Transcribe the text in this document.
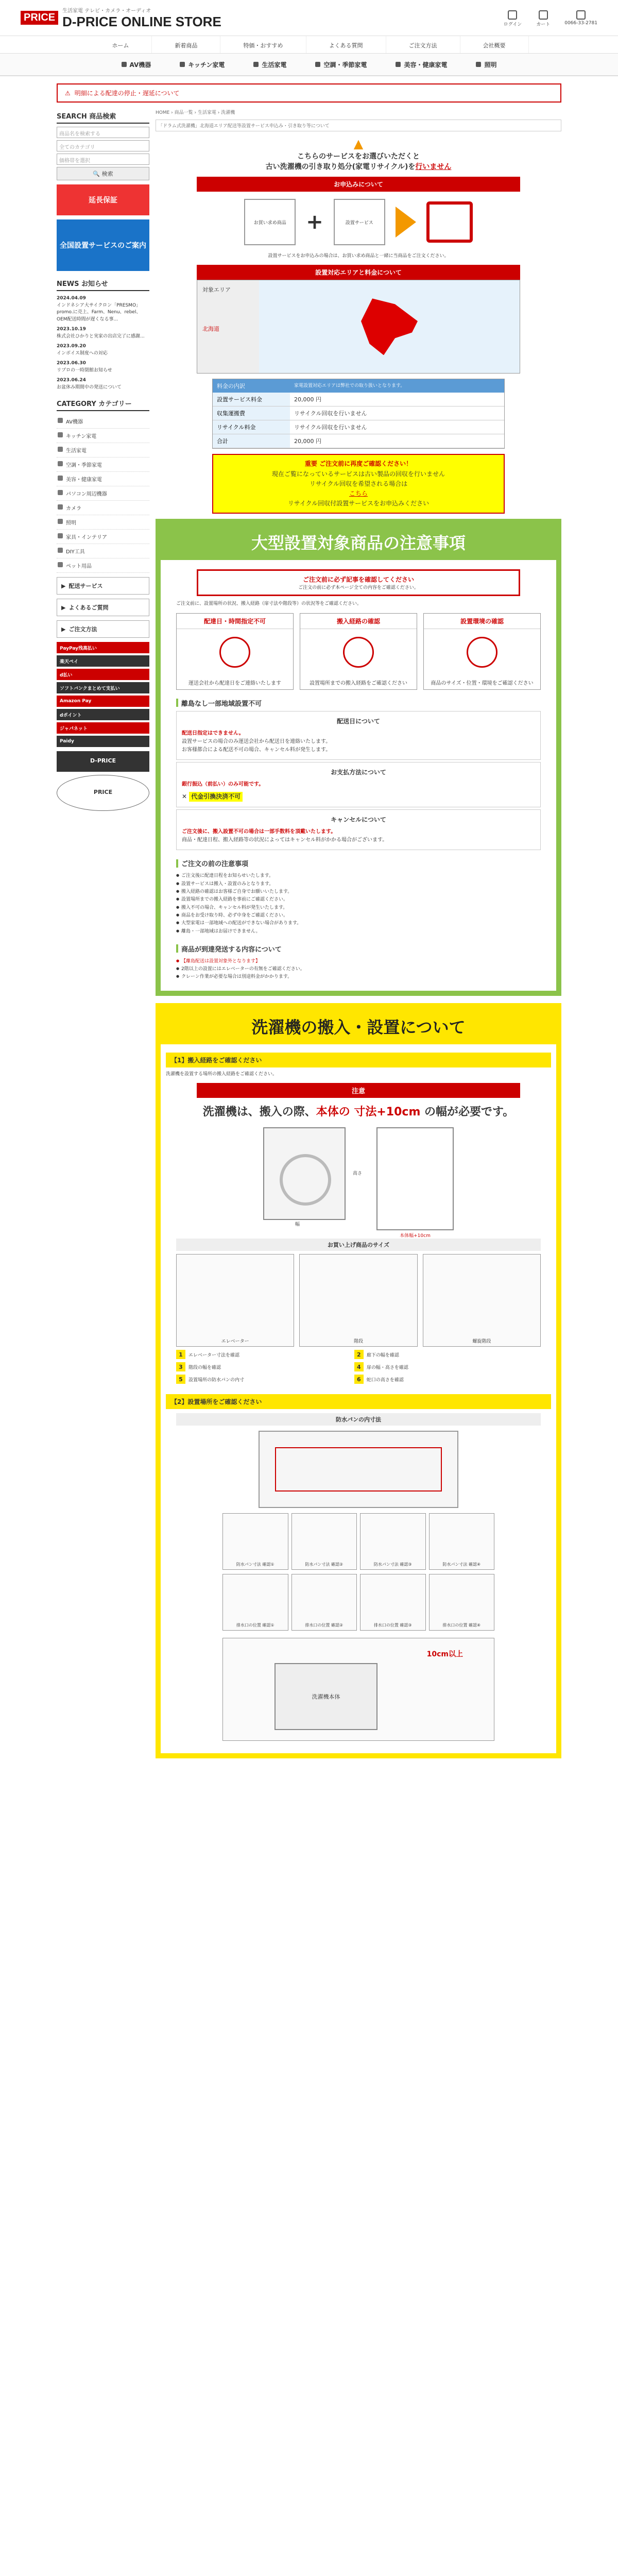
PRICE
生活家電 テレビ・カメラ・オーディオ
D-PRICE ONLINE STORE	ログイン	カート	0066-33-2781
ホーム	新着商品	特価・おすすめ	よくある質問	ご注文方法	会社概要
AV機器	キッチン家電	生活家電	空調・季節家電	美容・健康家電	照明
⚠ 明細による配達の停止・遅延について
SEARCH 商品検索
商品名を検索する
全てのカテゴリ
価格帯を選択
🔍 検索
延長保証
全国設置サービスのご案内
NEWS お知らせ
2024.04.09
インドネシア大サイクロン「PRESMO」promo.に売上、Farm、Nenu、rebel、OEM配送時間が遅くなる事...
2023.10.19
株式会社ひかりと実家の出店完了に感謝...
2023.09.20
インボイス制度への対応
2023.06.30
リプロの一時閉館お知らせ
2023.06.24
お盆休み期間中の発送について
CATEGORY カテゴリー
AV機器
キッチン家電
生活家電
空調・季節家電
美容・健康家電
パソコン周辺機器
カメラ
照明
家具・インテリア
DIY工具
ペット用品
▶ 配送サービス
▶ よくあるご質問
▶ ご注文方法
PayPay残高払い
楽天ペイ
d払い
ソフトバンクまとめて支払い
Amazon Pay
dポイント
ジャパネット
Paidy
D-PRICE
PRICE
HOME › 商品一覧 › 生活家電 › 洗濯機
「ドラム式洗濯機」北海道エリア配送等設置サービス申込み・引き取り等について
▲
こちらのサービスをお選びいただくと
古い洗濯機の引き取り処分(家電リサイクル)を行いません
お申込みについて
お買い求め商品 +	設置サービス
設置サービスをお申込みの場合は、お買い求め商品と一緒に当商品をご注文ください。
設置対応エリアと料金について
対象エリア
北海道
料金の内訳	家電設置対応エリアは弊社での取り扱いとなります。
設置サービス料金	20,000 円
収集運搬費	リサイクル回収を行いません
リサイクル料金	リサイクル回収を行いません
合計	20,000 円
重要 ご注文前に再度ご確認ください！
現在ご覧になっているサービスは古い製品の回収を行いません
リサイクル回収を希望される場合は
こちら
リサイクル回収付設置サービスをお申込みください
大型設置対象商品の注意事項
ご注文前に必ず記事を確認してください
ご注文の前に必ず本ページ全ての内容をご確認ください。
ご注文前に、設置場所の状況、搬入経路（扉寸法や階段等）の状況等をご確認ください。
配達日・時間指定不可
運送会社から配達日をご連絡いたします
搬入経路の確認
設置場所までの搬入経路をご確認ください
設置環境の確認
商品のサイズ・位置・環境をご確認ください
離島なし一部地域設置不可
配送日について
配送日指定はできません。
設置サービスの場合のみ運送会社から配送日を連絡いたします。
お客様都合による配送不可の場合、キャンセル料が発生します。
お支払方法について
銀行振込（前払い）のみ可能です。
✕ 代金引換決済不可
キャンセルについて
ご注文後に、搬入設置不可の場合は一部手数料を頂戴いたします。
商品・配達日程、搬入経路等の状況によってはキャンセル料がかかる場合がございます。
ご注文の前の注意事項
● ご注文後に配達日程をお知らせいたします。
● 設置サービスは搬入・設置のみとなります。
● 搬入経路の確認はお客様ご自身でお願いいたします。
● 設置場所までの搬入経路を事前にご確認ください。
● 搬入不可の場合、キャンセル料が発生いたします。
● 商品をお受け取り時、必ず中身をご確認ください。
● 大型家電は一部地域への配送ができない場合があります。
● 離島・一部地域はお届けできません。
商品が到達発送する内容について
● 【離島配送は設置対象外となります】
● 2階以上の設置にはエレベーターの有無をご確認ください。
● クレーン作業が必要な場合は別途料金がかかります。
洗濯機の搬入・設置について
【1】搬入経路をご確認ください
洗濯機を設置する場所の搬入経路をご確認ください。
注意
洗濯機は、搬入の際、本体の 寸法+10cm の幅が必要です。
幅
高さ
本体幅+10cm
お買い上げ商品のサイズ
エレベーター	階段	螺旋階段
1	エレベーター寸法を確認	2	廊下の幅を確認
3	階段の幅を確認	4	扉の幅・高さを確認
5	設置場所の防水パンの内寸	6	蛇口の高さを確認
【2】設置場所をご確認ください
防水パンの内寸法
防水パン寸法 確認①	防水パン寸法 確認②	防水パン寸法 確認③	防水パン寸法 確認④
排水口の位置 確認①	排水口の位置 確認②	排水口の位置 確認③	排水口の位置 確認④
10cm以上
洗濯機本体
